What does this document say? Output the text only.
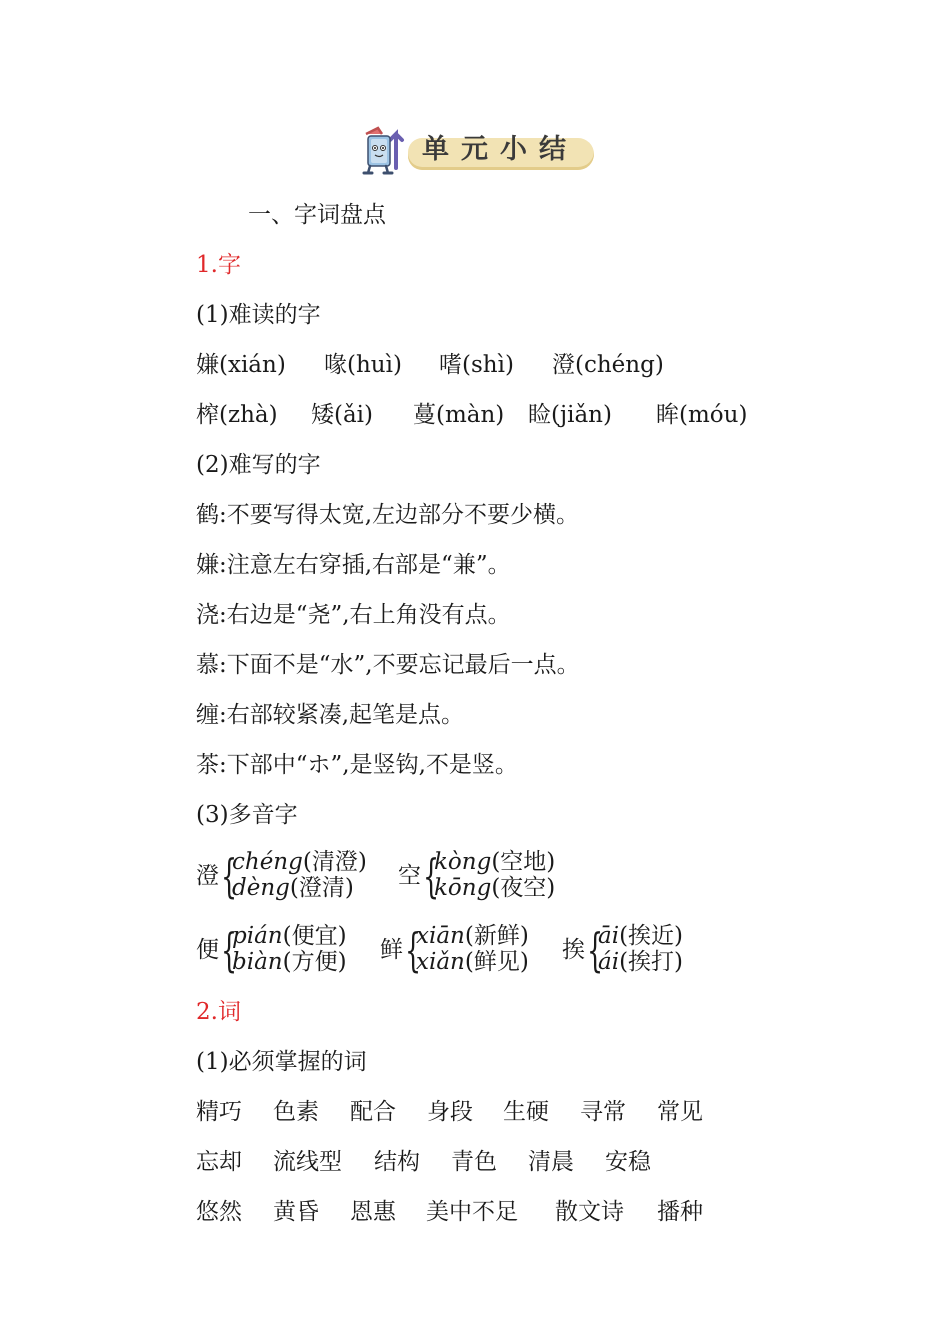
单元小结
一、字词盘点
1.字
(1)难读的字
嫌(xián) 喙(huì) 嗜(shì) 澄(chéng)
榨(zhà) 矮(ǎi) 蔓(màn) 睑(jiǎn) 眸(móu)
(2)难写的字
鹤:不要写得太宽,左边部分不要少横。
嫌:注意左右穿插,右部是“兼”。
浇:右边是“尧”,右上角没有点。
慕:下面不是“水”,不要忘记最后一点。
缠:右部较紧凑,起笔是点。
茶:下部中“ホ”,是竖钩,不是竖。
(3)多音字
澄 {
chéng(清澄)
dèng(澄清) 空 {
kòng(空地)
kōng(夜空)
便 {
pián(便宜)
biàn(方便) 鲜 {
xiān(新鲜)
xiǎn(鲜见) 挨 {
āi(挨近)
ái(挨打)
2.词
(1)必须掌握的词
精巧 色素 配合 身段 生硬 寻常 常见
忘却 流线型 结构 青色 清晨 安稳
悠然 黄昏 恩惠 美中不足 散文诗 播种
